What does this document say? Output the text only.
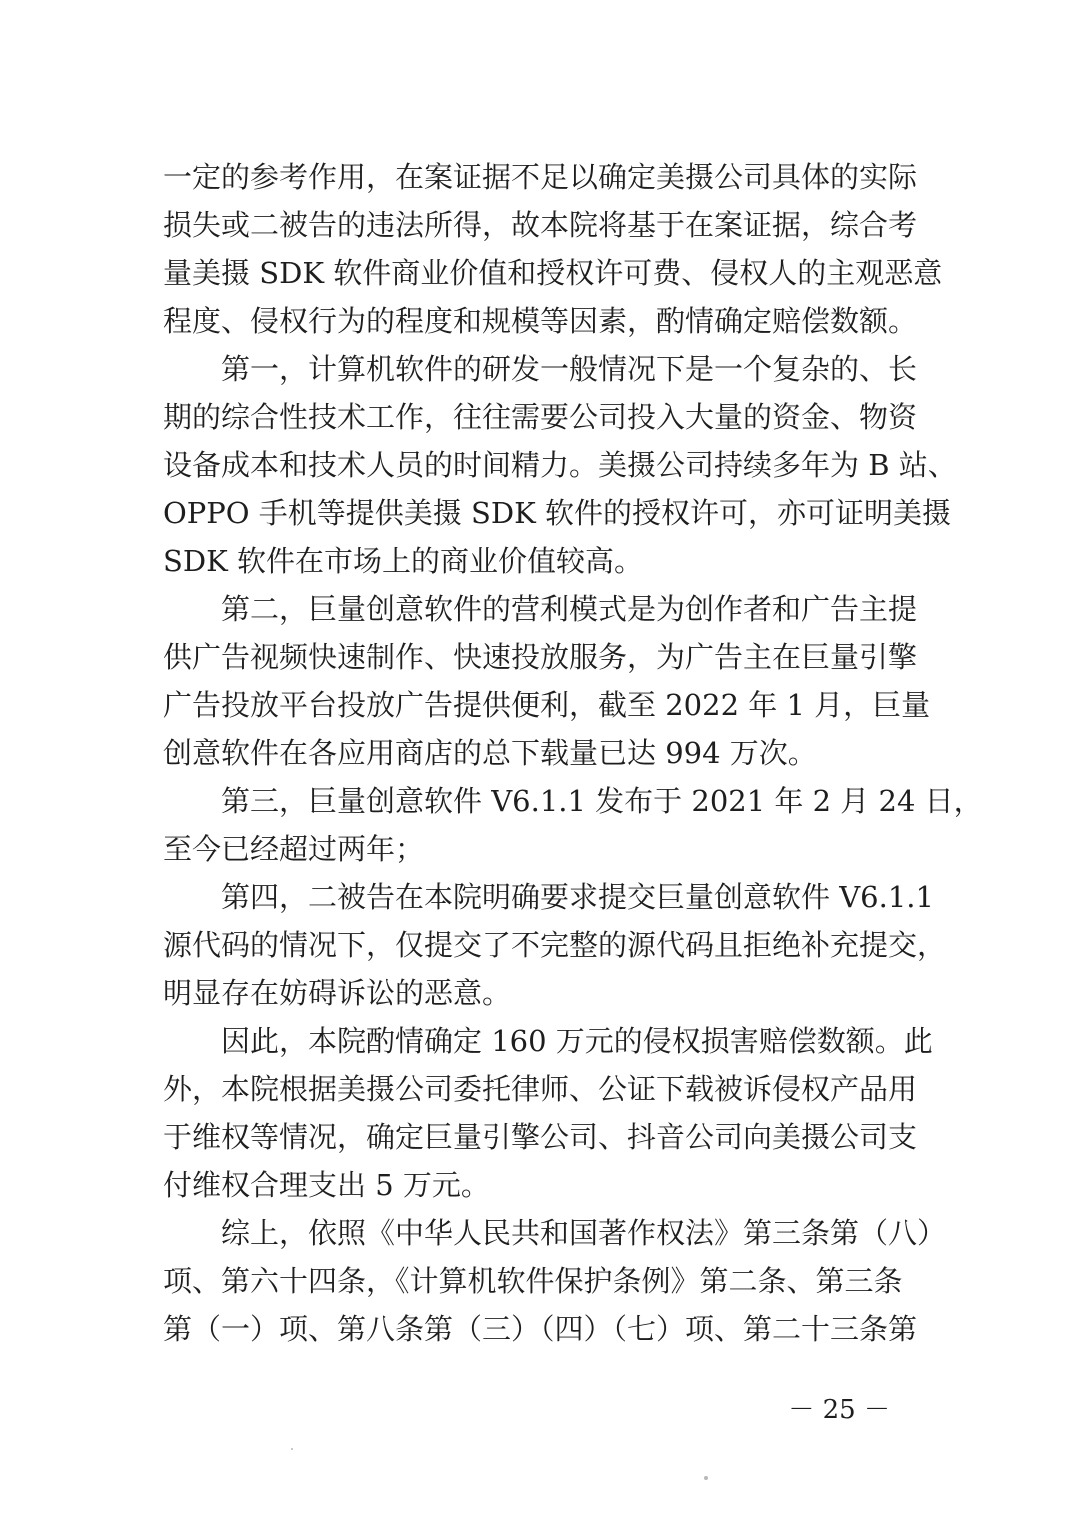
一定的参考作用，在案证据不足以确定美摄公司具体的实际
损失或二被告的违法所得，故本院将基于在案证据，综合考
量美摄 SDK 软件商业价值和授权许可费、侵权人的主观恶意
程度、侵权行为的程度和规模等因素，酌情确定赔偿数额。
第一，计算机软件的研发一般情况下是一个复杂的、长
期的综合性技术工作，往往需要公司投入大量的资金、物资
设备成本和技术人员的时间精力。美摄公司持续多年为 B 站、
OPPO 手机等提供美摄 SDK 软件的授权许可，亦可证明美摄
SDK 软件在市场上的商业价值较高。
第二，巨量创意软件的营利模式是为创作者和广告主提
供广告视频快速制作、快速投放服务，为广告主在巨量引擎
广告投放平台投放广告提供便利，截至 2022 年 1 月，巨量
创意软件在各应用商店的总下载量已达 994 万次。
第三，巨量创意软件 V6.1.1 发布于 2021 年 2 月 24 日，
至今已经超过两年；
第四，二被告在本院明确要求提交巨量创意软件 V6.1.1
源代码的情况下，仅提交了不完整的源代码且拒绝补充提交，
明显存在妨碍诉讼的恶意。
因此，本院酌情确定 160 万元的侵权损害赔偿数额。此
外，本院根据美摄公司委托律师、公证下载被诉侵权产品用
于维权等情况，确定巨量引擎公司、抖音公司向美摄公司支
付维权合理支出 5 万元。
综上，依照《中华人民共和国著作权法》第三条第（八）
项、第六十四条，《计算机软件保护条例》第二条、第三条
第（一）项、第八条第（三）（四）（七）项、第二十三条第
－ 25 －
